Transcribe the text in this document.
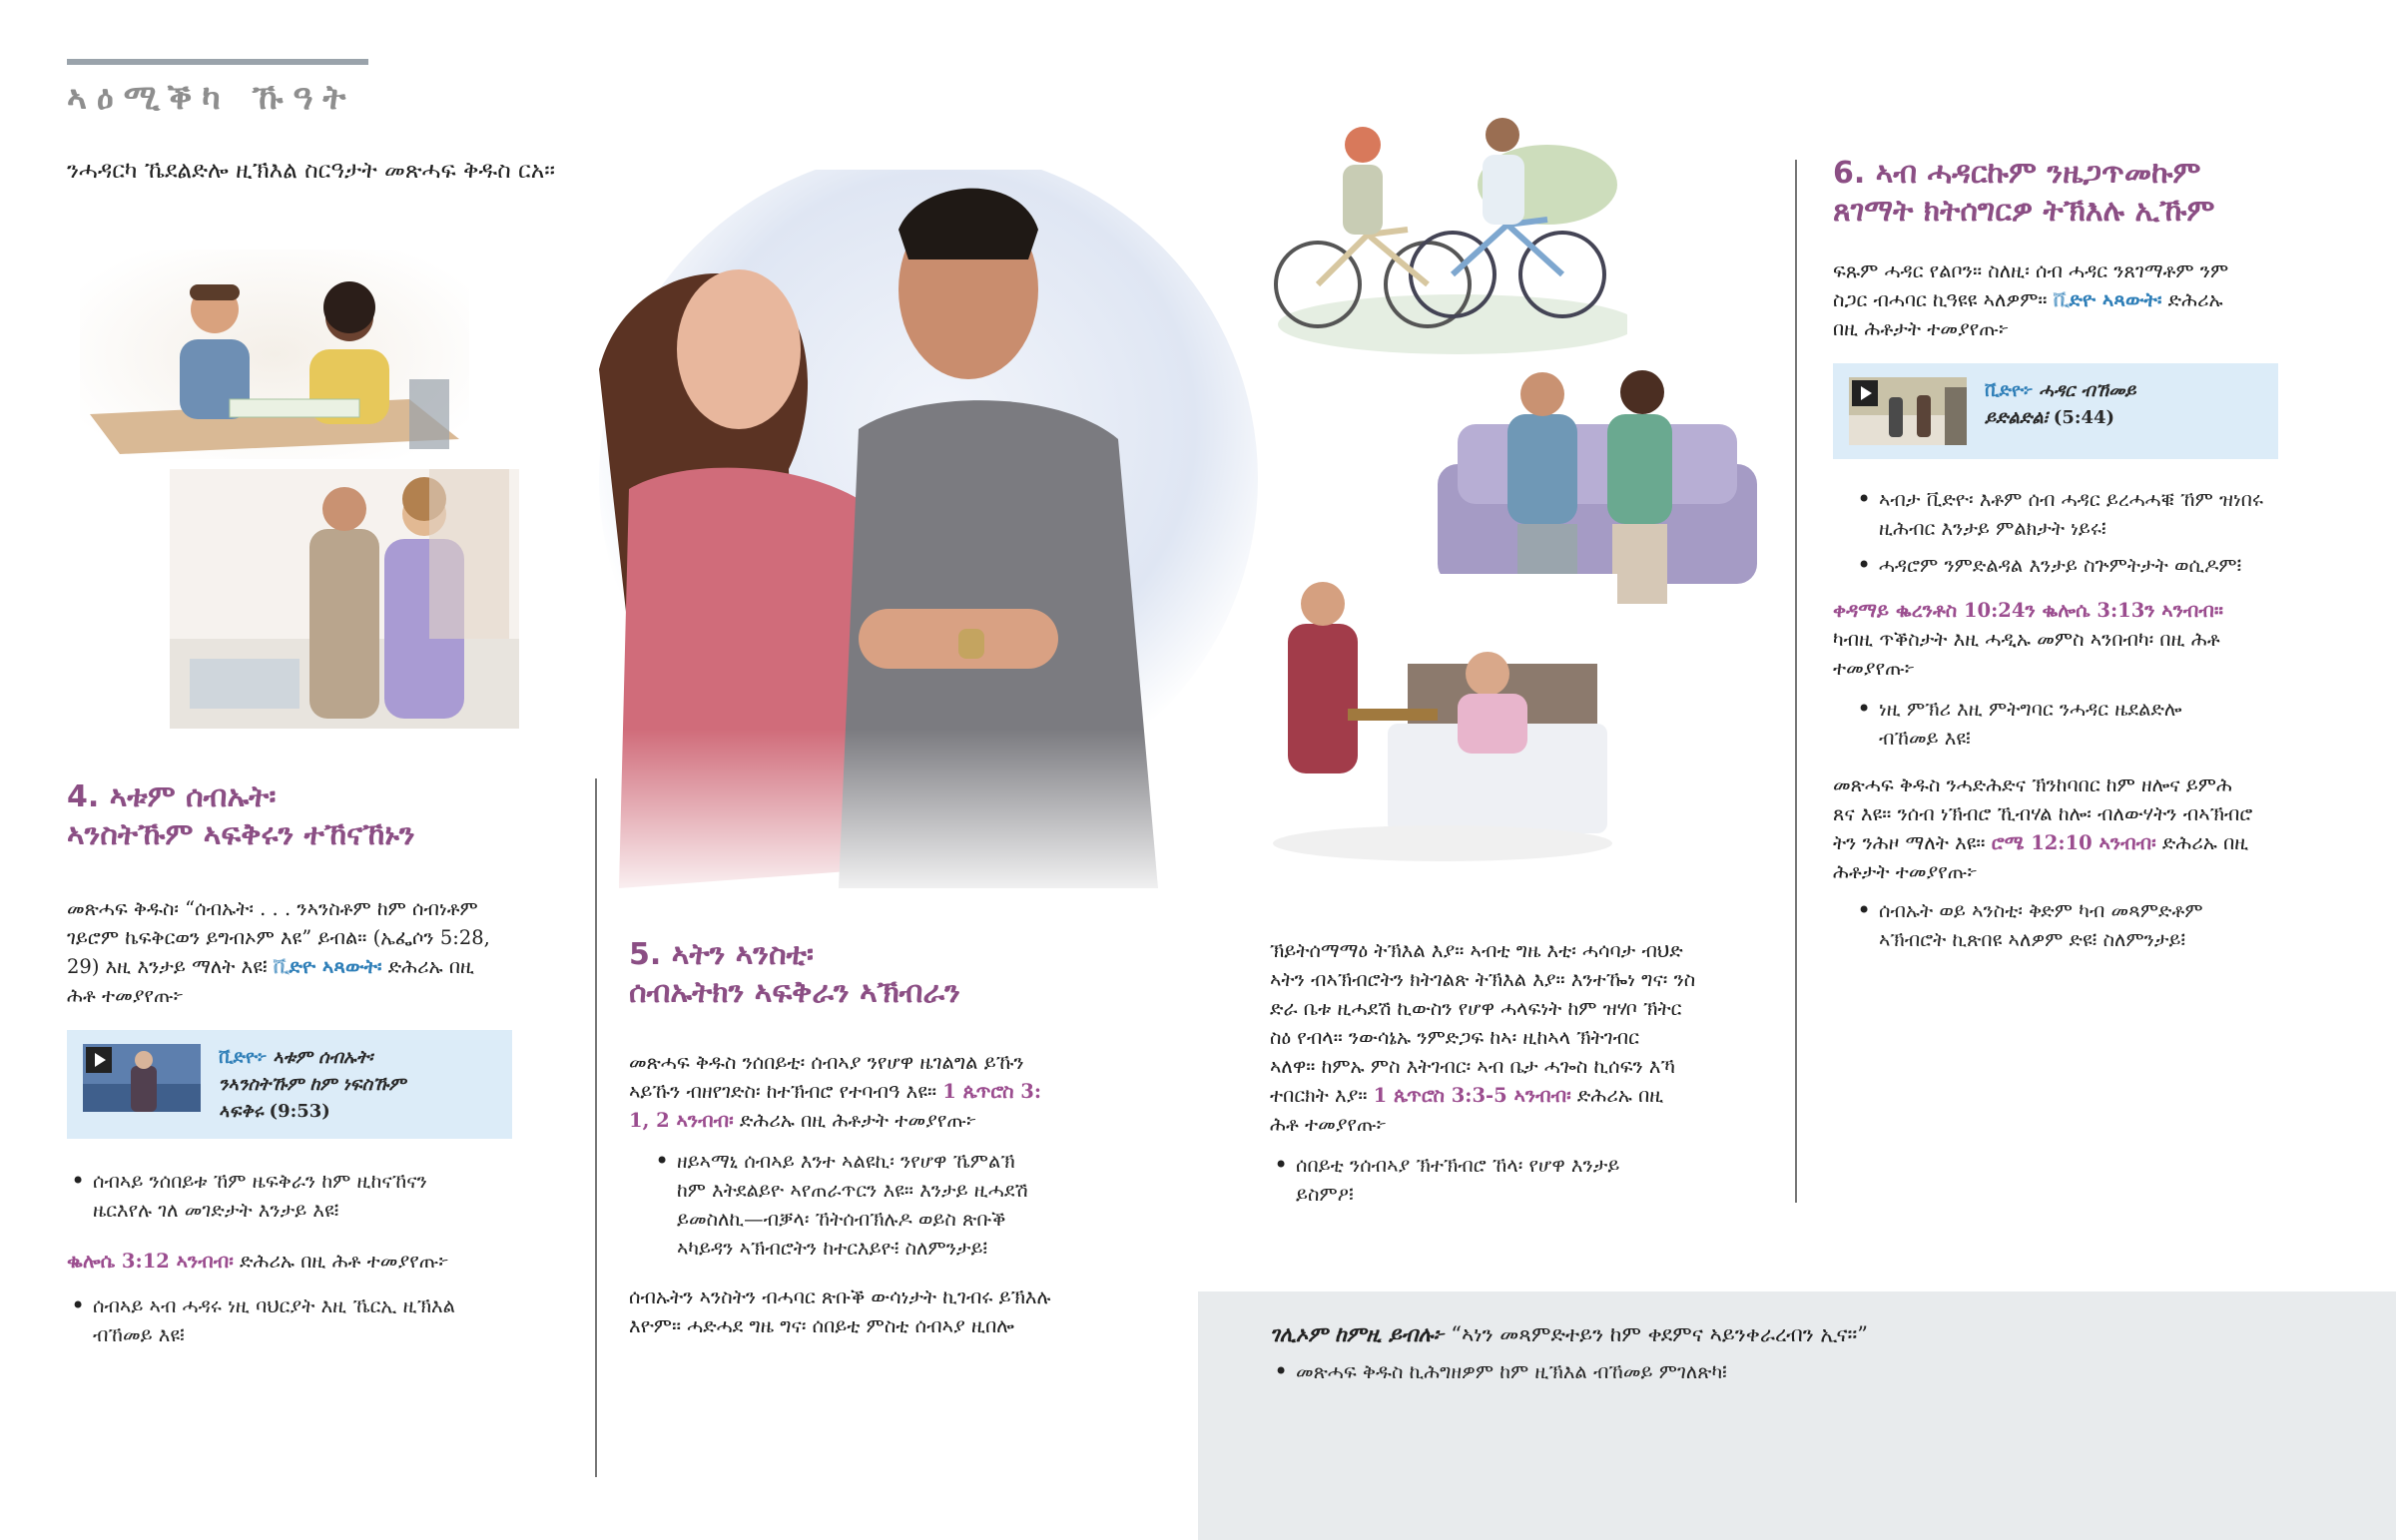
ኣዕሚቕካ ኹዓት
ንሓዳርካ ኼደልድሎ ዚኽእል ስርዓታት መጽሓፍ ቅዱስ ርአ።
4. ኣቱም ሰብኡት፡
ኣንስትኹም ኣፍቅሩን ተኸናኸኑን
መጽሓፍ ቅዱስ፡ “ሰብኡት፡ . . . ንኣንስቶም ከም ሰብነቶም
ገይሮም ኬፍቅርወን ይግብኦም እዩ” ይብል። (ኤፌሶን 5:28,
29) እዚ እንታይ ማለት እዩ፧ ቪድዮ ኣጻውት፡ ድሕሪኡ በዚ
ሕቶ ተመያየጡ፦
ቪድዮ፦ ኣቱም ሰብኡት፡
ንኣንስትኹም ከም ነፍስኹም
ኣፍቅሩ (9:53)
• ሰብኣይ ንሰበይቱ ኸም ዜፍቅራን ከም ዚከናኸናን
ዜርእየሉ ገለ መገድታት እንታይ እዩ፧
ቈሎሴ 3:12 ኣንብብ፡ ድሕሪኡ በዚ ሕቶ ተመያየጡ፦
• ሰብኣይ ኣብ ሓዳሩ ነዚ ባህርያት እዚ ኼርኢ ዚኽእል
ብኸመይ እዩ፧
5. ኣትን ኣንስቲ፡
ሰብኡትክን ኣፍቅራን ኣኽብራን
መጽሓፍ ቅዱስ ንሰበይቲ፡ ሰብኣያ ንየሆዋ ዜገልግል ይኹን
ኣይኹን ብዘየገድስ፡ ከተኽብሮ የተባብዓ እዩ። 1 ጴጥሮስ 3:
1, 2 ኣንብብ፡ ድሕሪኡ በዚ ሕቶታት ተመያየጡ፦
• ዘይኣማኒ ሰብኣይ እንተ ኣልዩኪ፡ ንየሆዋ ኼምልኽ
ከም እትደልይዮ ኣየጠራጥርን እዩ። እንታይ ዚሓደሽ
ይመስለኪ—ብቓላ፡ ኸትሰብኽሉዶ ወይስ ጽቡቕ
ኣካይዳን ኣኽብሮትን ከተርእይዮ፧ ስለምንታይ፧
ሰብኡትን ኣንስትን ብሓባር ጽቡቕ ውሳነታት ኪገብሩ ይኽእሉ
እዮም። ሓድሓደ ግዜ ግና፡ ሰበይቲ ምስቲ ሰብኣያ ዚበሎ
ኽይትሰማማዕ ትኽእል እያ። ኣብቲ ግዜ እቲ፡ ሓሳባታ ብህድ
ኣትን ብኣኽብሮትን ክትገልጽ ትኽእል እያ። እንተዀነ ግና፡ ንስ
ድራ ቤቱ ዚሓደሽ ኪውስን የሆዋ ሓላፍነት ከም ዝሃቦ ኽትር
ስዕ የብላ። ንውሳኔኡ ንምድጋፍ ከኣ፡ ዚከኣላ ኽትገብር
ኣለዋ። ከምኡ ምስ እትገብር፡ ኣብ ቤታ ሓጐስ ኪሰፍን እኻ
ተበርክት እያ። 1 ጴጥሮስ 3:3-5 ኣንብብ፡ ድሕሪኡ በዚ
ሕቶ ተመያየጡ፦
• ሰበይቲ ንሰብኣያ ኽተኽብሮ ኸላ፡ የሆዋ እንታይ
ይስምዖ፧
6. ኣብ ሓዳርኩም ንዜጋጥመኩም
ጸገማት ክትሰግርዎ ትኽእሉ ኢኹም
ፍጹም ሓዳር የልቦን። ስለዚ፡ ሰብ ሓዳር ንጸገማቶም ንም
ስጋር ብሓባር ኪዓዩዩ ኣለዎም። ቪድዮ ኣጻውት፡ ድሕሪኡ
በዚ ሕቶታት ተመያየጡ፦
ቪድዮ፦ ሓዳር ብኸመይ
ይድልድል፧ (5:44)
• ኣብታ ቪድዮ፡ እቶም ሰብ ሓዳር ይረሓሓቑ ኸም ዝነበሩ
ዚሕብር እንታይ ምልክታት ነይሩ፧
• ሓዳሮም ንምድልዳል እንታይ ስጕምትታት ወሲዶም፧
ቀዳማይ ቈረንቶስ 10:24ን ቈሎሴ 3:13ን ኣንብብ።
ካብዚ ጥቕስታት እዚ ሓዲኡ መምስ ኣንበብካ፡ በዚ ሕቶ
ተመያየጡ፦
• ነዚ ምኽሪ እዚ ምትግባር ንሓዳር ዜደልድሎ
ብኸመይ እዩ፧
መጽሓፍ ቅዱስ ንሓድሕድና ኽንከባበር ከም ዘሎና ይምሕ
ጸና እዩ። ንሰብ ነኽብሮ ኺብሃል ከሎ፡ ብለውሃትን ብኣኽብሮ
ትን ንሕዞ ማለት እዩ። ሮሜ 12:10 ኣንብብ፡ ድሕሪኡ በዚ
ሕቶታት ተመያየጡ፦
• ሰብኡት ወይ ኣንስቲ፡ ቅድም ካብ መጻምድቶም
ኣኽብሮት ኪጽበዩ ኣለዎም ድዩ፧ ስለምንታይ፧
ገሊኦም ከምዚ ይብሉ፦ “ኣነን መጻምድተይን ከም ቀደምና ኣይንቀራረብን ኢና።”
• መጽሓፍ ቅዱስ ኪሕግዘዎም ከም ዚኽእል ብኸመይ ምገለጽካ፧
